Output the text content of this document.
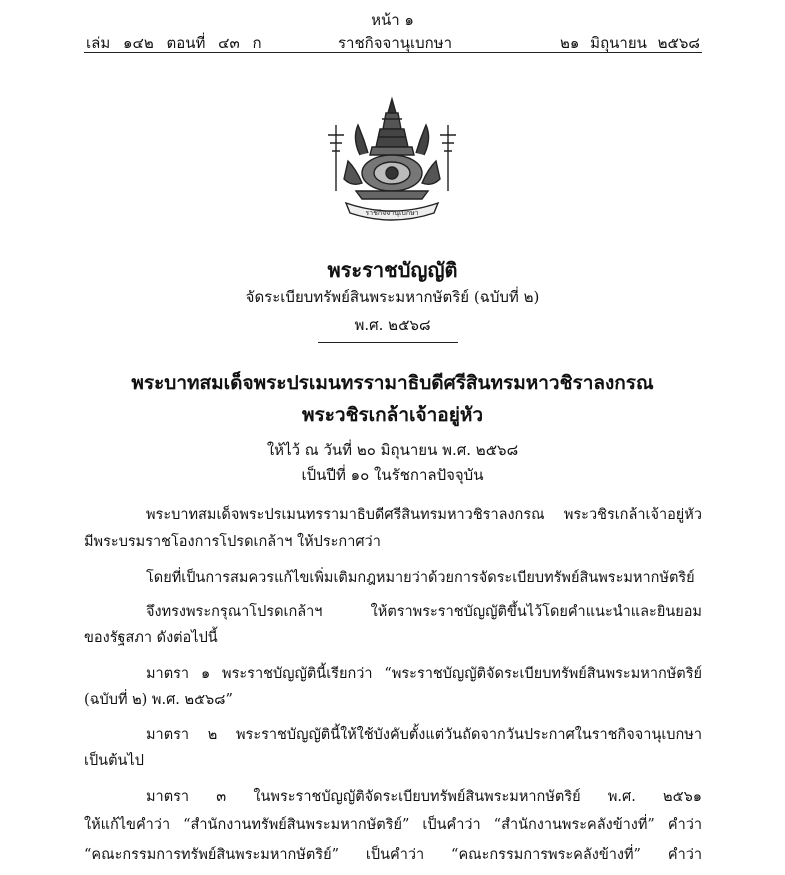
หน้า ๑
เล่ม ๑๔๒ ตอนที่ ๔๓ ก	ราชกิจจานุเบกษา	๒๑ มิถุนายน ๒๕๖๘
ราชกิจจานุเบกษา
พระราชบัญญัติ
จัดระเบียบทรัพย์สินพระมหากษัตริย์ (ฉบับที่ ๒)
พ.ศ. ๒๕๖๘
พระบาทสมเด็จพระปรเมนทรรามาธิบดีศรีสินทรมหาวชิราลงกรณ
พระวชิรเกล้าเจ้าอยู่หัว
ให้ไว้ ณ วันที่ ๒๐ มิถุนายน พ.ศ. ๒๕๖๘
เป็นปีที่ ๑๐ ในรัชกาลปัจจุบัน
พระบาทสมเด็จพระปรเมนทรรามาธิบดีศรีสินทรมหาวชิราลงกรณ พระวชิรเกล้าเจ้าอยู่หัว
มีพระบรมราชโองการโปรดเกล้าฯ ให้ประกาศว่า
โดยที่เป็นการสมควรแก้ไขเพิ่มเติมกฎหมายว่าด้วยการจัดระเบียบทรัพย์สินพระมหากษัตริย์
จึงทรงพระกรุณาโปรดเกล้าฯ ให้ตราพระราชบัญญัติขึ้นไว้โดยคำแนะนำและยินยอม
ของรัฐสภา ดังต่อไปนี้
มาตรา ๑ พระราชบัญญัตินี้เรียกว่า “พระราชบัญญัติจัดระเบียบทรัพย์สินพระมหากษัตริย์
(ฉบับที่ ๒) พ.ศ. ๒๕๖๘”
มาตรา ๒ พระราชบัญญัตินี้ให้ใช้บังคับตั้งแต่วันถัดจากวันประกาศในราชกิจจานุเบกษา
เป็นต้นไป
มาตรา ๓ ในพระราชบัญญัติจัดระเบียบทรัพย์สินพระมหากษัตริย์ พ.ศ. ๒๕๖๑
ให้แก้ไขคำว่า “สำนักงานทรัพย์สินพระมหากษัตริย์” เป็นคำว่า “สำนักงานพระคลังข้างที่” คำว่า
“คณะกรรมการทรัพย์สินพระมหากษัตริย์” เป็นคำว่า “คณะกรรมการพระคลังข้างที่” คำว่า
